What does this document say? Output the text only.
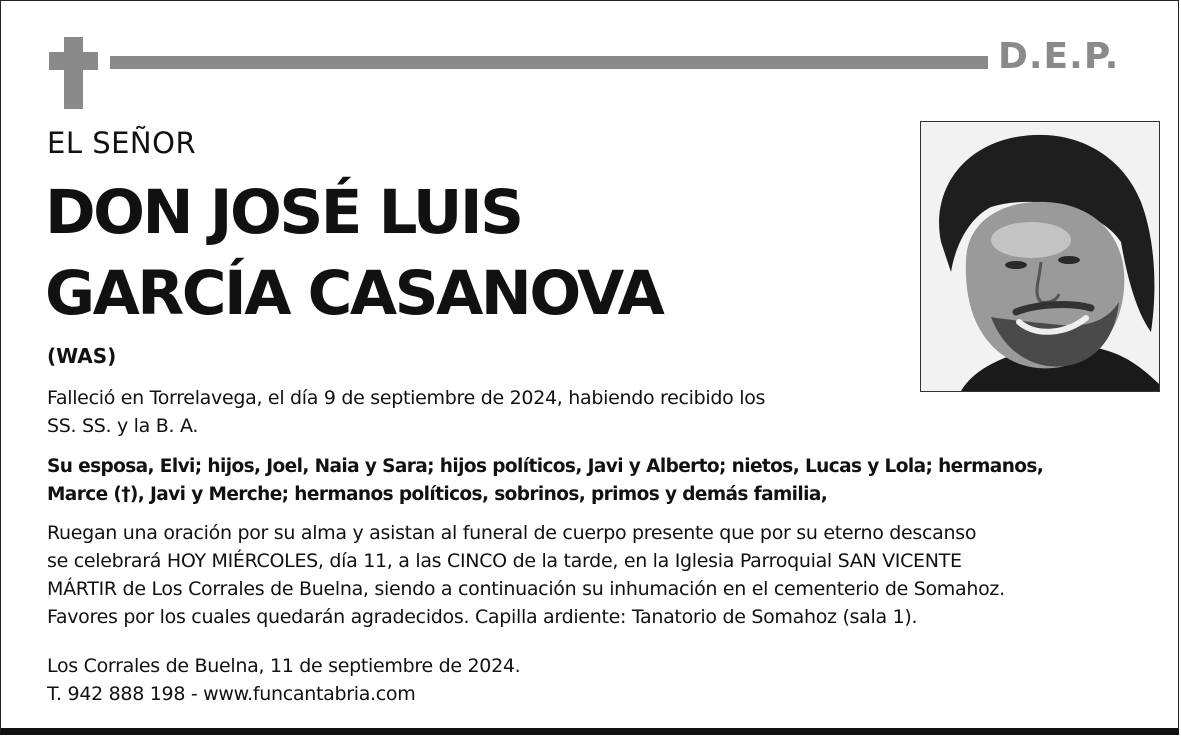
D.E.P.
EL SEÑOR
DON JOSÉ LUIS
GARCÍA CASANOVA
(WAS)
Falleció en Torrelavega, el día 9 de septiembre de 2024, habiendo recibido los
SS. SS. y la B. A.
Su esposa, Elvi; hijos, Joel, Naia y Sara; hijos políticos, Javi y Alberto; nietos, Lucas y Lola; hermanos,
Marce (†), Javi y Merche; hermanos políticos, sobrinos, primos y demás familia,
Ruegan una oración por su alma y asistan al funeral de cuerpo presente que por su eterno descanso
se celebrará HOY MIÉRCOLES, día 11, a las CINCO de la tarde, en la Iglesia Parroquial SAN VICENTE
MÁRTIR de Los Corrales de Buelna, siendo a continuación su inhumación en el cementerio de Somahoz.
Favores por los cuales quedarán agradecidos. Capilla ardiente: Tanatorio de Somahoz (sala 1).
Los Corrales de Buelna, 11 de septiembre de 2024.
T. 942 888 198 - www.funcantabria.com
